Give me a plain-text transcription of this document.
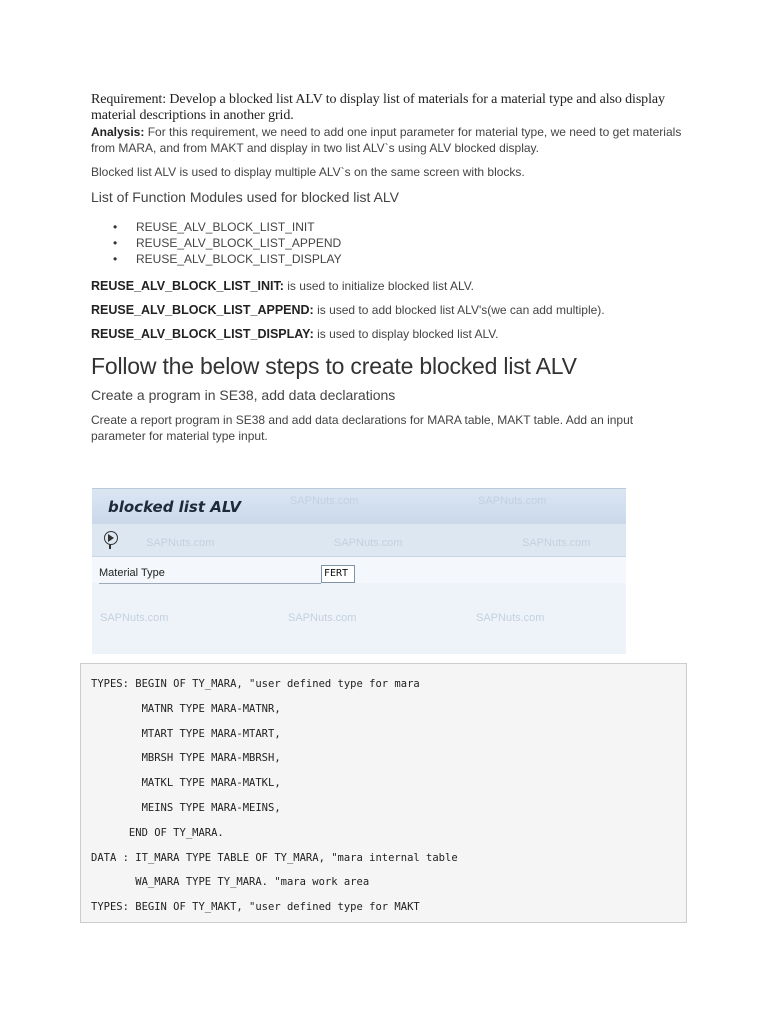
Requirement: Develop a blocked list ALV to display list of materials for a material type and also display material descriptions in another grid.

Analysis: For this requirement, we need to add one input parameter for material type, we need to get materials from MARA, and from MAKT and display in two list ALV`s using ALV blocked display.

Blocked list ALV is used to display multiple ALV`s on the same screen with blocks.

List of Function Modules used for blocked list ALV

• REUSE_ALV_BLOCK_LIST_INIT
• REUSE_ALV_BLOCK_LIST_APPEND
• REUSE_ALV_BLOCK_LIST_DISPLAY

REUSE_ALV_BLOCK_LIST_INIT: is used to initialize blocked list ALV.

REUSE_ALV_BLOCK_LIST_APPEND: is used to add blocked list ALV's(we can add multiple).

REUSE_ALV_BLOCK_LIST_DISPLAY: is used to display blocked list ALV.

Follow the below steps to create blocked list ALV
Create a program in SE38, add data declarations

Create a report program in SE38 and add data declarations for MARA table, MAKT table. Add an input parameter for material type input.

blocked list ALV	SAPNuts.com	SAPNuts.com
SAPNuts.com	SAPNuts.com	SAPNuts.com
Material Type	FERT
SAPNuts.com	SAPNuts.com	SAPNuts.com
TYPES: BEGIN OF TY_MARA, "user defined type for mara
MATNR TYPE MARA-MATNR,
MTART TYPE MARA-MTART,
MBRSH TYPE MARA-MBRSH,
MATKL TYPE MARA-MATKL,
MEINS TYPE MARA-MEINS,
END OF TY_MARA.
DATA : IT_MARA TYPE TABLE OF TY_MARA, "mara internal table
WA_MARA TYPE TY_MARA. "mara work area
TYPES: BEGIN OF TY_MAKT, "user defined type for MAKT
